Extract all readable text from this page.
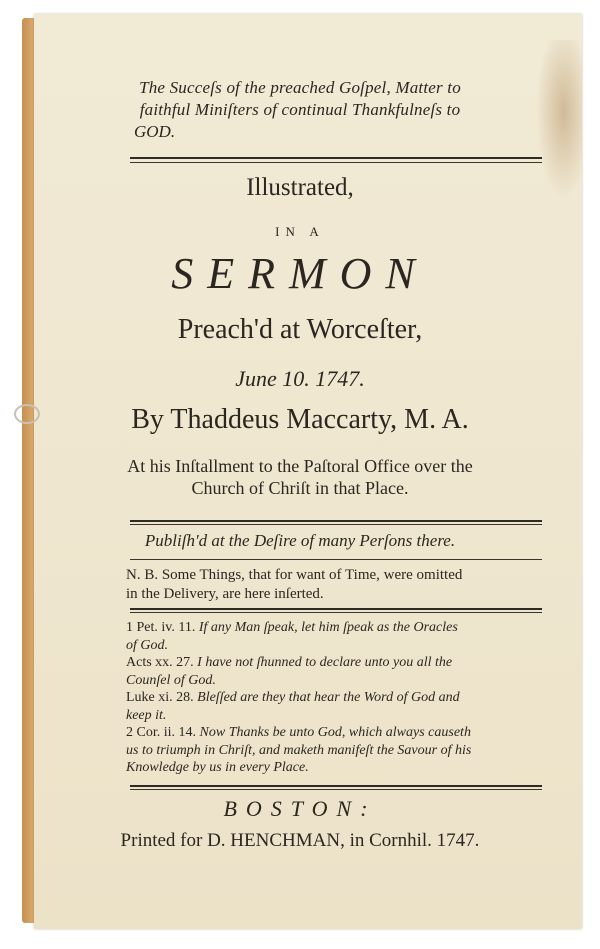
The Succeſs of the preached Goſpel, Matter to
faithful Miniſters of continual Thankfulneſs to
GOD.
Illustrated,
IN A
SERMON
Preach'd at Worceſter,
June 10. 1747.
By Thaddeus Maccarty, M. A.
At his Inſtallment to the Paſtoral Office over the
Church of Chriſt in that Place.
Publiſh'd at the Deſire of many Perſons there.
N. B. Some Things, that for want of Time, were omitted
in the Delivery, are here inſerted.
1 Pet. iv. 11. If any Man ſpeak, let him ſpeak as the Oracles
of God.
Acts xx. 27. I have not ſhunned to declare unto you all the
Counſel of God.
Luke xi. 28. Bleſſed are they that hear the Word of God and
keep it.
2 Cor. ii. 14. Now Thanks be unto God, which always causeth
us to triumph in Chriſt, and maketh manifeſt the Savour of his
Knowledge by us in every Place.
BOSTON:
Printed for D. HENCHMAN, in Cornhil. 1747.
